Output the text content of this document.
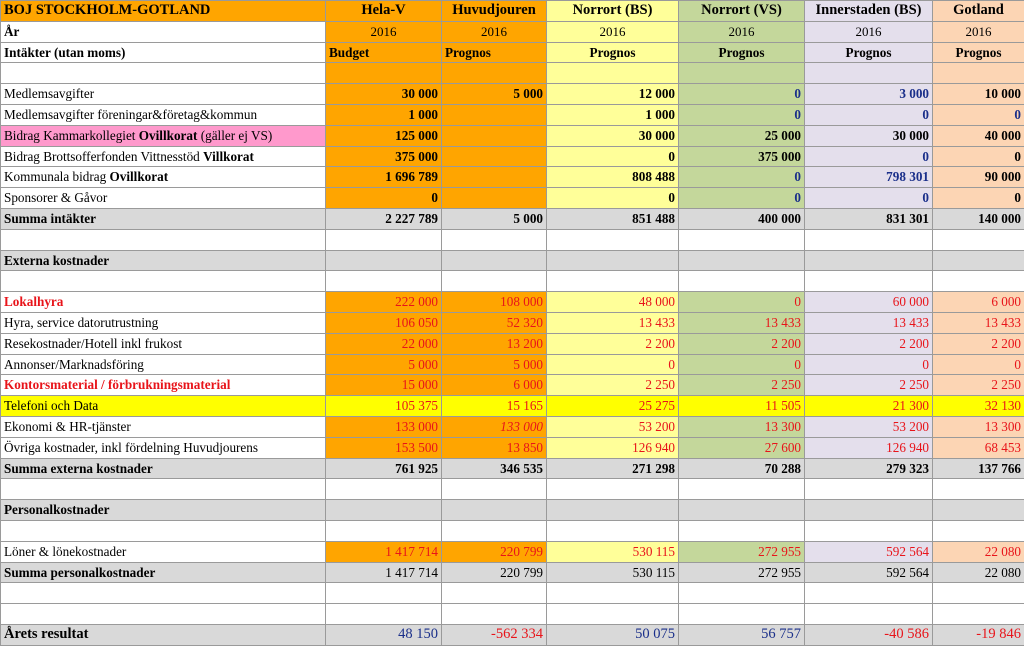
BOJ STOCKHOLM-GOTLAND	Hela-V	Huvudjouren	Norrort (BS)	Norrort (VS)	Innerstaden (BS)	Gotland
År	2016	2016	2016	2016	2016	2016
Intäkter (utan moms)	Budget	Prognos	Prognos	Prognos	Prognos	Prognos

Medlemsavgifter	30 000	5 000	12 000	0	3 000	10 000
Medlemsavgifter föreningar&företag&kommun	1 000		1 000	0	0	0
Bidrag Kammarkollegiet Ovillkorat (gäller ej VS)	125 000		30 000	25 000	30 000	40 000
Bidrag Brottsofferfonden Vittnesstöd Villkorat	375 000		0	375 000	0	0
Kommunala bidrag Ovillkorat	1 696 789		808 488	0	798 301	90 000
Sponsorer & Gåvor	0		0	0	0	0
Summa intäkter	2 227 789	5 000	851 488	400 000	831 301	140 000

Externa kostnader						

Lokalhyra	222 000	108 000	48 000	0	60 000	6 000
Hyra, service datorutrustning	106 050	52 320	13 433	13 433	13 433	13 433
Resekostnader/Hotell inkl frukost	22 000	13 200	2 200	2 200	2 200	2 200
Annonser/Marknadsföring	5 000	5 000	0	0	0	0
Kontorsmaterial / förbrukningsmaterial	15 000	6 000	2 250	2 250	2 250	2 250
Telefoni och Data	105 375	15 165	25 275	11 505	21 300	32 130
Ekonomi & HR-tjänster	133 000	133 000	53 200	13 300	53 200	13 300
Övriga kostnader, inkl fördelning Huvudjourens	153 500	13 850	126 940	27 600	126 940	68 453
Summa externa kostnader	761 925	346 535	271 298	70 288	279 323	137 766

Personalkostnader						

Löner & lönekostnader	1 417 714	220 799	530 115	272 955	592 564	22 080
Summa personalkostnader	1 417 714	220 799	530 115	272 955	592 564	22 080

Årets resultat	48 150	-562 334	50 075	56 757	-40 586	-19 846
